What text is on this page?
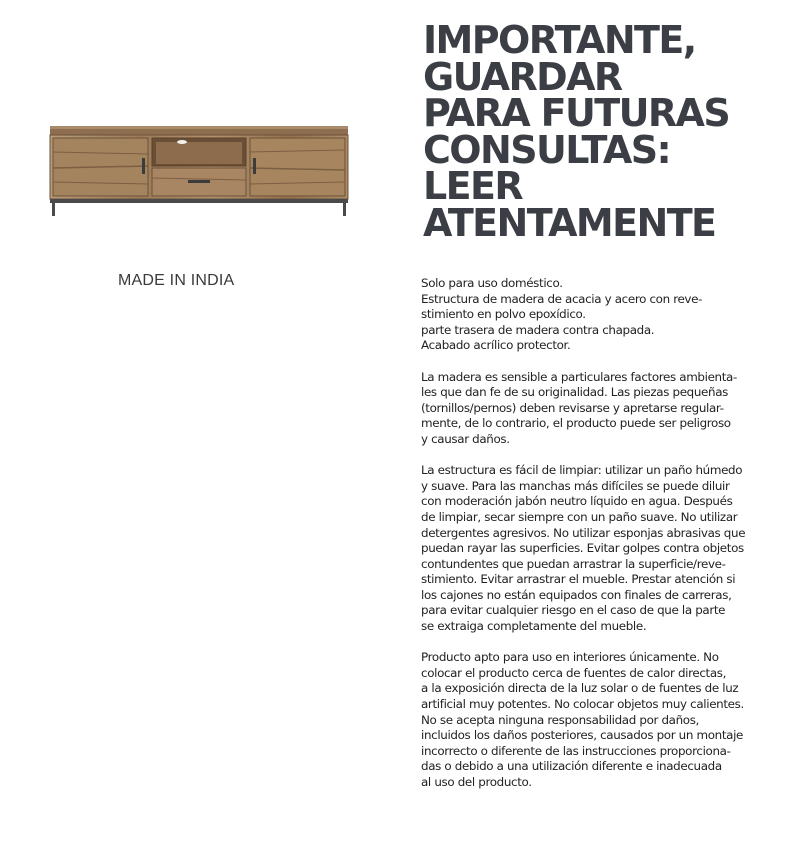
MADE IN INDIA
IMPORTANTE,
GUARDAR
PARA FUTURAS
CONSULTAS:
LEER
ATENTAMENTE
Solo para uso doméstico.
Estructura de madera de acacia y acero con reve-
stimiento en polvo epoxídico.
parte trasera de madera contra chapada.
Acabado acrílico protector.
La madera es sensible a particulares factores ambienta-
les que dan fe de su originalidad. Las piezas pequeñas
(tornillos/pernos) deben revisarse y apretarse regular-
mente, de lo contrario, el producto puede ser peligroso
y causar daños.
La estructura es fácil de limpiar: utilizar un paño húmedo
y suave. Para las manchas más difíciles se puede diluir
con moderación jabón neutro líquido en agua. Después
de limpiar, secar siempre con un paño suave. No utilizar
detergentes agresivos. No utilizar esponjas abrasivas que
puedan rayar las superficies. Evitar golpes contra objetos
contundentes que puedan arrastrar la superficie/reve-
stimiento. Evitar arrastrar el mueble. Prestar atención si
los cajones no están equipados con finales de carreras,
para evitar cualquier riesgo en el caso de que la parte
se extraiga completamente del mueble.
Producto apto para uso en interiores únicamente. No
colocar el producto cerca de fuentes de calor directas,
a la exposición directa de la luz solar o de fuentes de luz
artificial muy potentes. No colocar objetos muy calientes.
No se acepta ninguna responsabilidad por daños,
incluidos los daños posteriores, causados por un montaje
incorrecto o diferente de las instrucciones proporciona-
das o debido a una utilización diferente e inadecuada
al uso del producto.
